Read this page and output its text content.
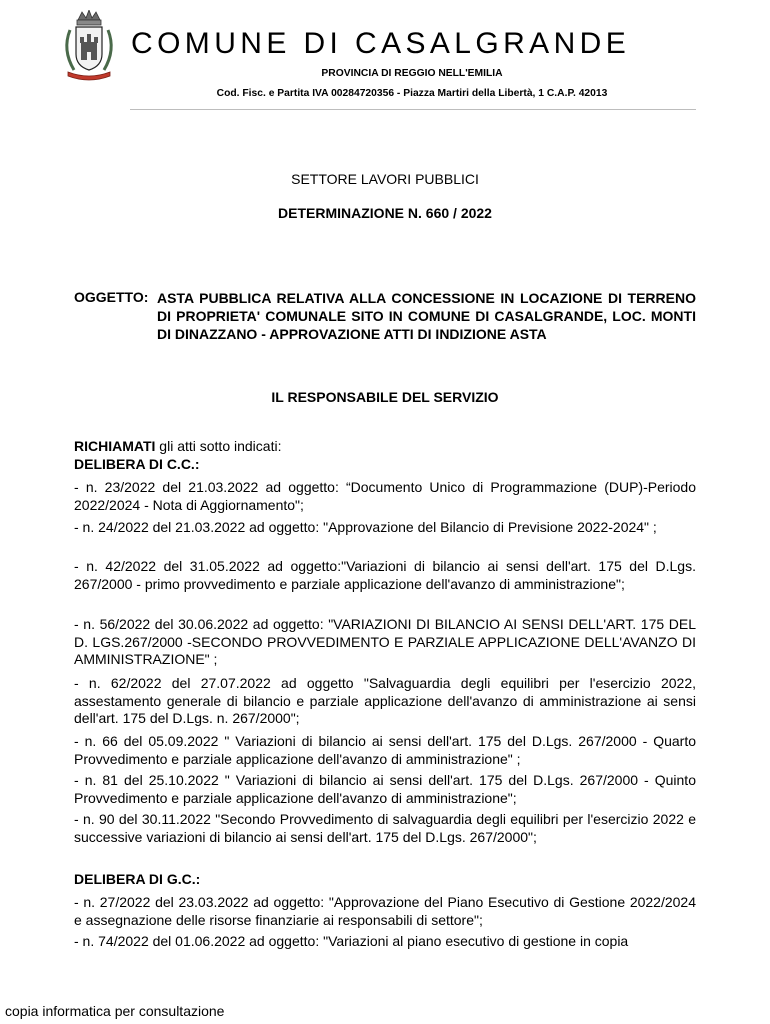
COMUNE DI CASALGRANDE
PROVINCIA DI REGGIO NELL'EMILIA
Cod. Fisc. e Partita IVA 00284720356 - Piazza Martiri della Libertà, 1 C.A.P. 42013
SETTORE LAVORI PUBBLICI
DETERMINAZIONE N. 660 / 2022
OGGETTO: ASTA PUBBLICA RELATIVA ALLA CONCESSIONE IN LOCAZIONE DI TERRENO DI PROPRIETA' COMUNALE SITO IN COMUNE DI CASALGRANDE, LOC. MONTI DI DINAZZANO - APPROVAZIONE ATTI DI INDIZIONE ASTA
IL RESPONSABILE DEL SERVIZIO
RICHIAMATI gli atti sotto indicati:
DELIBERA DI C.C.:
- n. 23/2022 del 21.03.2022 ad oggetto: “Documento Unico di Programmazione (DUP)-Periodo 2022/2024 - Nota di Aggiornamento";
- n. 24/2022 del 21.03.2022 ad oggetto: "Approvazione del Bilancio di Previsione 2022-2024" ;
- n. 42/2022 del 31.05.2022 ad oggetto:"Variazioni di bilancio ai sensi dell'art. 175 del D.Lgs. 267/2000 - primo provvedimento e parziale applicazione dell'avanzo di amministrazione";
- n. 56/2022 del 30.06.2022 ad oggetto: "VARIAZIONI DI BILANCIO AI SENSI DELL'ART. 175 DEL D. LGS.267/2000 -SECONDO PROVVEDIMENTO E PARZIALE APPLICAZIONE DELL'AVANZO DI AMMINISTRAZIONE" ;
- n. 62/2022 del 27.07.2022 ad oggetto "Salvaguardia degli equilibri per l'esercizio 2022, assestamento generale di bilancio e parziale applicazione dell'avanzo di amministrazione ai sensi dell'art. 175 del D.Lgs. n. 267/2000";
- n. 66 del 05.09.2022 " Variazioni di bilancio ai sensi dell'art. 175 del D.Lgs. 267/2000 - Quarto Provvedimento e parziale applicazione dell'avanzo di amministrazione" ;
- n. 81 del 25.10.2022 " Variazioni di bilancio ai sensi dell'art. 175 del D.Lgs. 267/2000 - Quinto Provvedimento e parziale applicazione dell'avanzo di amministrazione";
- n. 90 del 30.11.2022 "Secondo Provvedimento di salvaguardia degli equilibri per l'esercizio 2022 e successive variazioni di bilancio ai sensi dell'art. 175 del D.Lgs. 267/2000";
DELIBERA DI G.C.:
- n. 27/2022 del 23.03.2022 ad oggetto: "Approvazione del Piano Esecutivo di Gestione 2022/2024 e assegnazione delle risorse finanziarie ai responsabili di settore";
- n. 74/2022 del 01.06.2022 ad oggetto: "Variazioni al piano esecutivo di gestione in copia
copia informatica per consultazione
